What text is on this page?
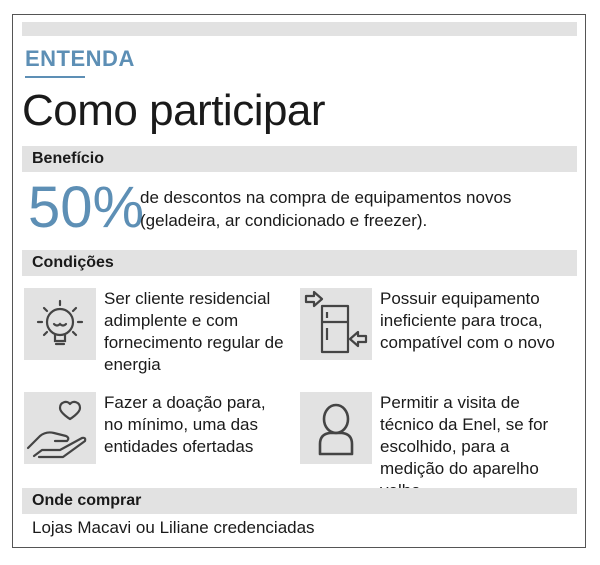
ENTENDA
Como participar
Benefício
50%
de descontos na compra de equipamentos novos (geladeira, ar condicionado e freezer).
Condições
Ser cliente residencial adimplente e com fornecimento regular de energia
Possuir equipamento ineficiente para troca, compatível com o novo
Fazer a doação para, no mínimo, uma das entidades ofertadas
Permitir a visita de técnico da Enel, se for escolhido, para a medição do aparelho
Onde comprar
Lojas Macavi ou Liliane credenciadas
